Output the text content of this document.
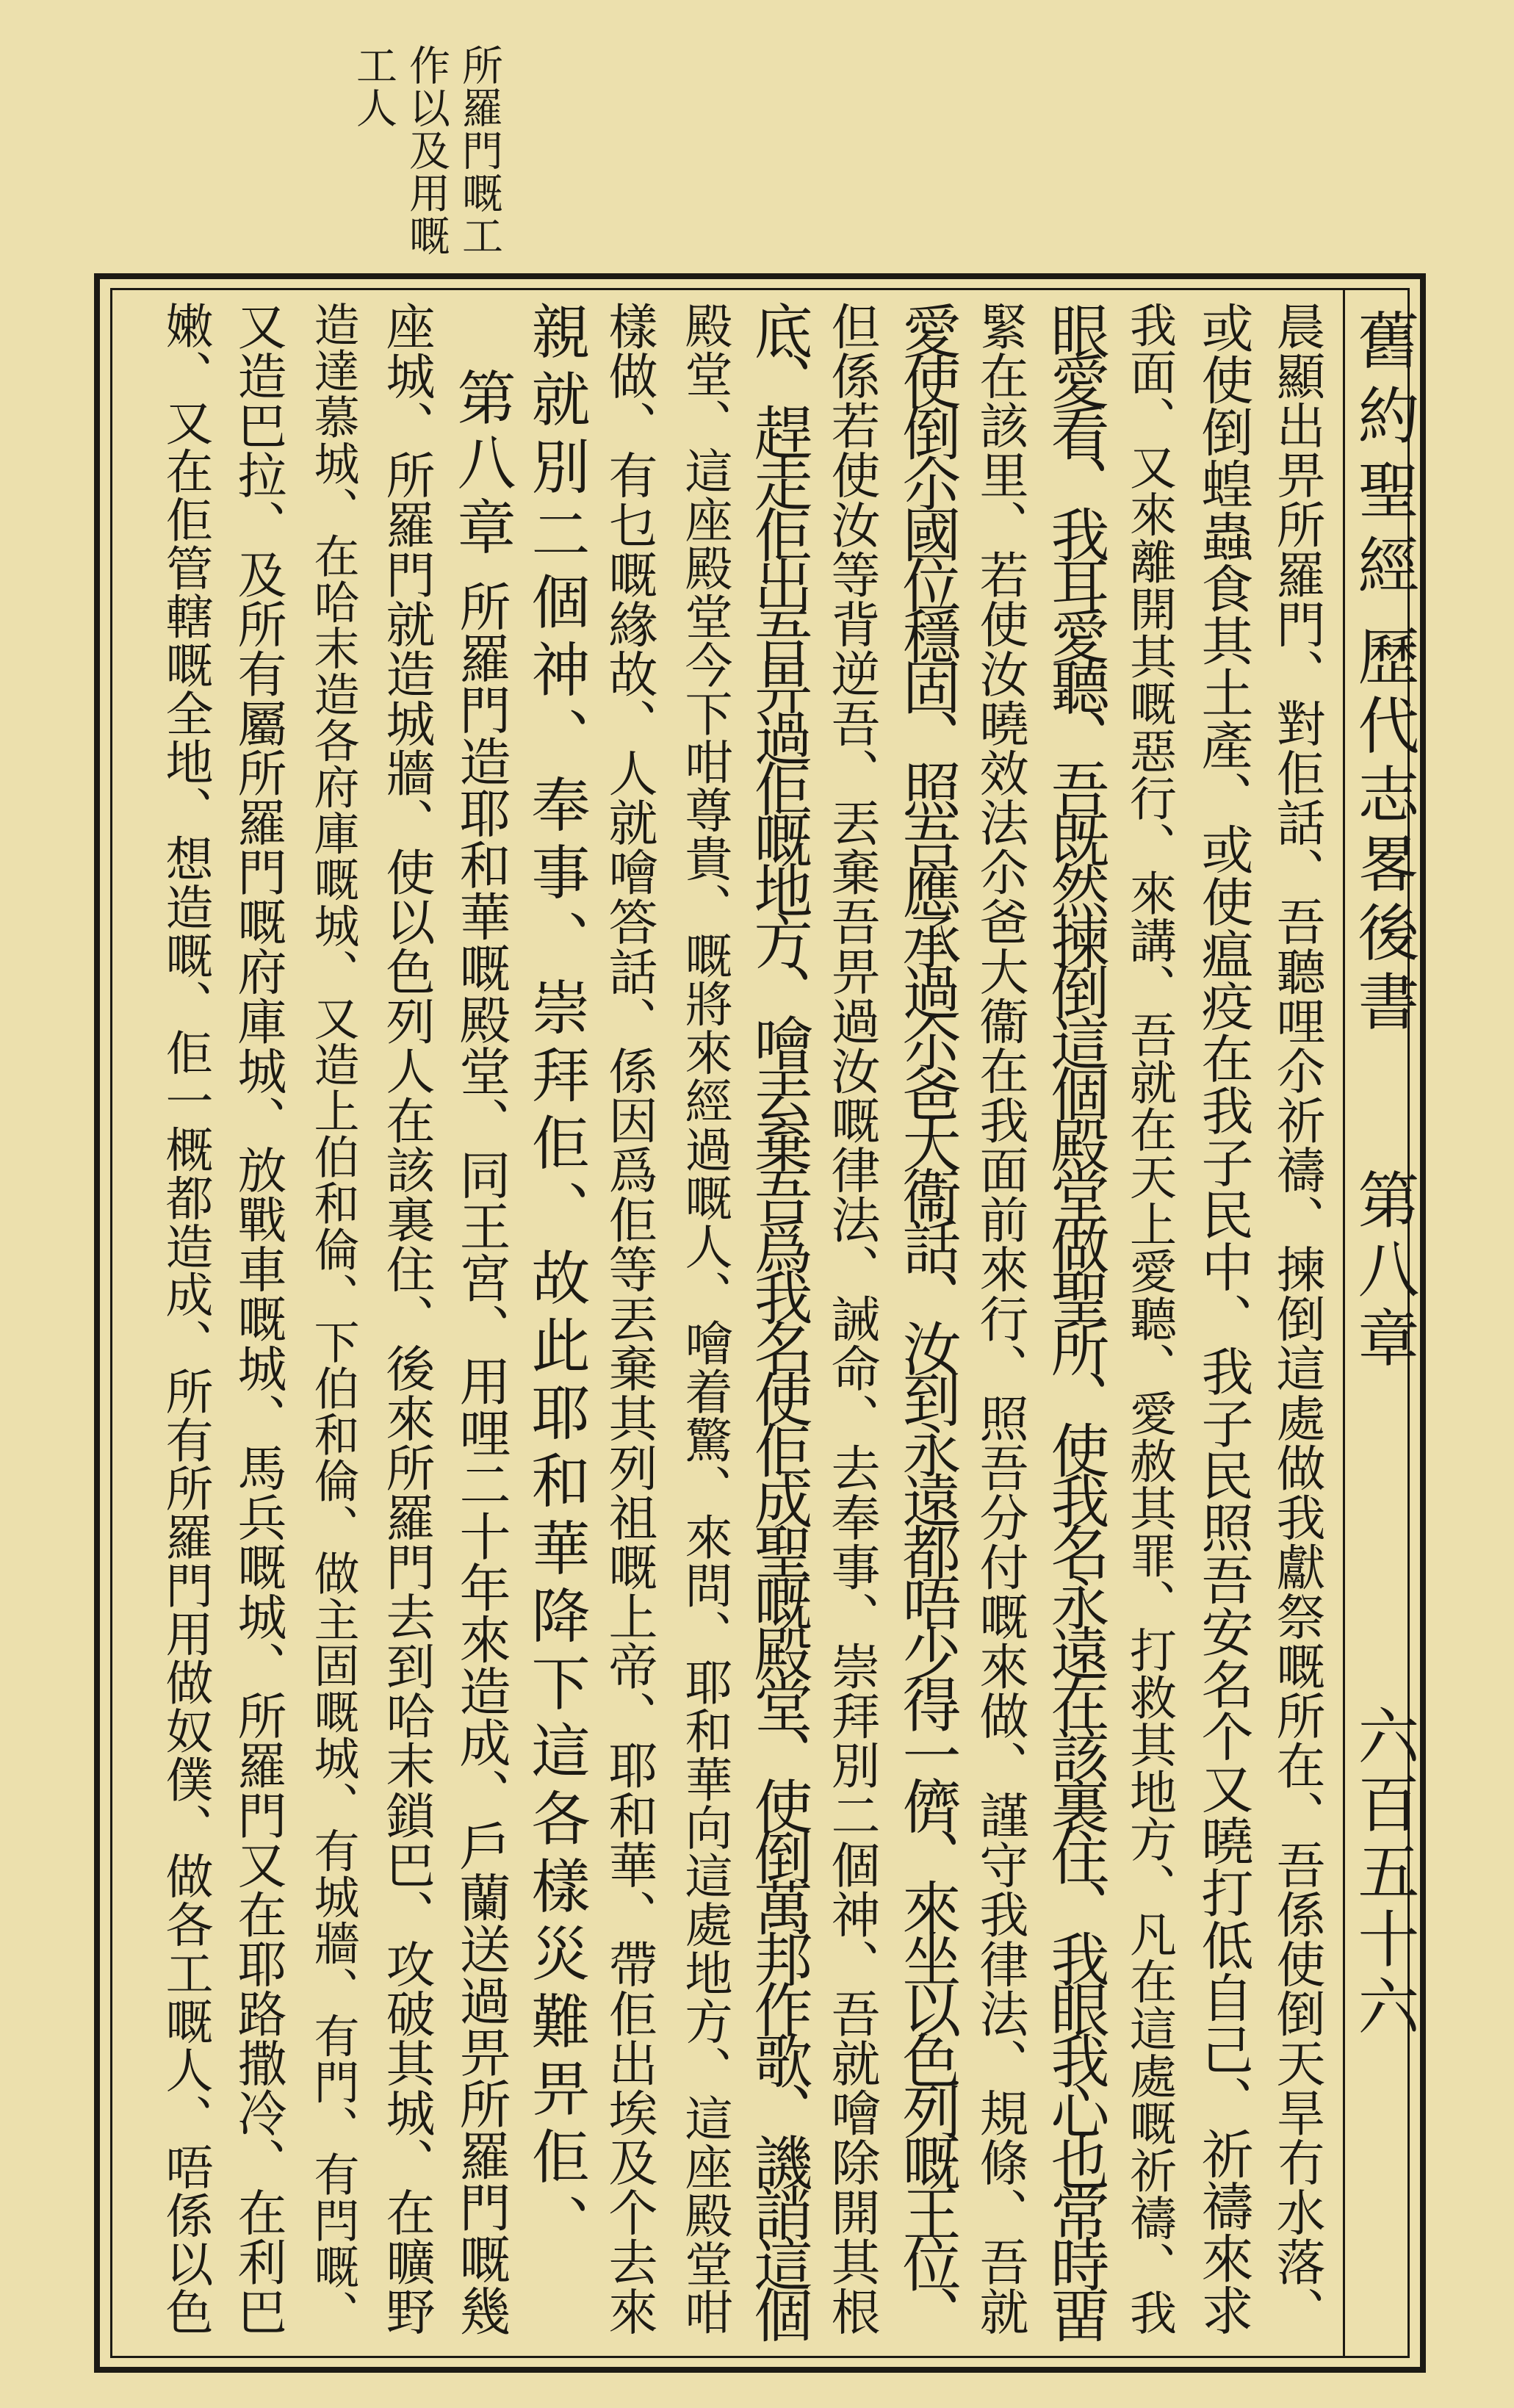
所羅門嘅工

作以及用嘅

工人

舊約聖經

歷代志畧後書

第八章

六百五十六

晨顯出畀所羅門、對佢話、吾聽哩尒祈禱、揀倒這處做我獻祭嘅所在、吾係使倒天旱冇水落、

或使倒蝗蟲食其土產、或使瘟疫在我子民中、我子民照吾安名个又曉打低自己、祈禱來求

我面、又來離開其嘅惡行、來講、吾就在天上愛聽、愛赦其罪、打救其地方、凡在這處嘅祈禱、我

眼愛看、我耳愛聽、吾既然揀倒這個殿堂做聖所、使我名永遠在該裏住、我眼我心也常時畱

緊在該里、若使汝曉效法尒爸大衞在我面前來行、照吾分付嘅來做、謹守我律法、規條、吾就

愛使倒尒國位穩固、照吾應承過尒爸大衞話、汝到永遠都唔少得一儕、來坐以色列嘅王位、

但係若使汝等背逆吾、丟棄吾畀過汝嘅律法、誡命、去奉事、崇拜別二個神、吾就噲除開其根

底、趕走佢出吾畀過佢嘅地方、噲丟棄吾爲我名使佢成聖嘅殿堂、使倒萬邦作歌、譏誚這個

殿堂、這座殿堂今下咁尊貴、嘅將來經過嘅人、噲着驚、來問、耶和華向這處地方、這座殿堂咁

樣做、有乜嘅緣故、人就噲答話、係因爲佢等丟棄其列祖嘅上帝、耶和華、帶佢出埃及个去來

親就別二個神、奉事、崇拜佢、故此耶和華降下這各樣災難畀佢、

第八章

所羅門造耶和華嘅殿堂、同王宮、用哩二十年來造成、戶蘭送過畀所羅門嘅幾

座城、所羅門就造城牆、使以色列人在該裏住、後來所羅門去到哈末鎖巴、攻破其城、在曠野

造達慕城、在哈末造各府庫嘅城、又造上伯和倫、下伯和倫、做主固嘅城、有城牆、有門、有閂嘅、

又造巴拉、及所有屬所羅門嘅府庫城、放戰車嘅城、馬兵嘅城、所羅門又在耶路撒冷、在利巴

嫩、又在佢管轄嘅全地、想造嘅、佢一概都造成、所有所羅門用做奴僕、做各工嘅人、唔係以色
